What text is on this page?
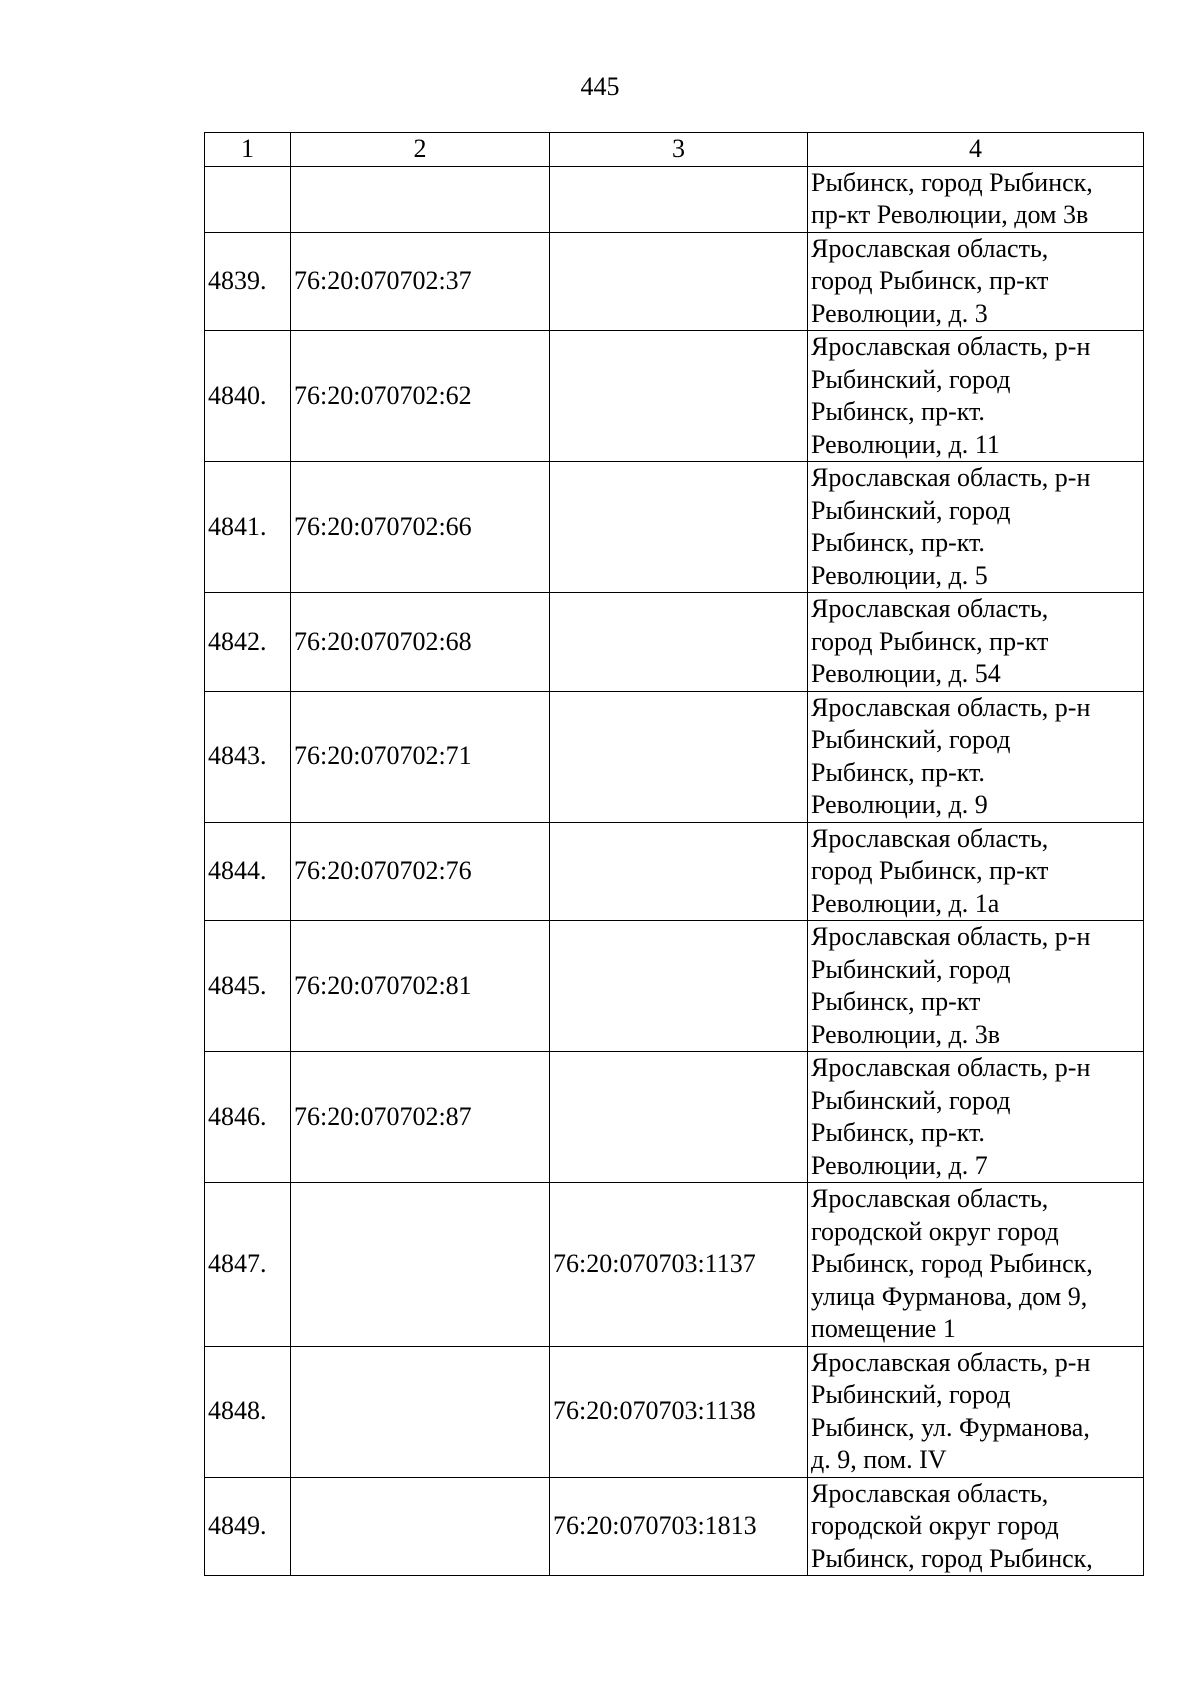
445
1	2	3	4
			Рыбинск, город Рыбинск,
пр-кт Революции, дом 3в
4839.	76:20:070702:37		Ярославская область,
город Рыбинск, пр-кт
Революции, д. 3
4840.	76:20:070702:62		Ярославская область, р-н
Рыбинский, город
Рыбинск, пр-кт.
Революции, д. 11
4841.	76:20:070702:66		Ярославская область, р-н
Рыбинский, город
Рыбинск, пр-кт.
Революции, д. 5
4842.	76:20:070702:68		Ярославская область,
город Рыбинск, пр-кт
Революции, д. 54
4843.	76:20:070702:71		Ярославская область, р-н
Рыбинский, город
Рыбинск, пр-кт.
Революции, д. 9
4844.	76:20:070702:76		Ярославская область,
город Рыбинск, пр-кт
Революции, д. 1а
4845.	76:20:070702:81		Ярославская область, р-н
Рыбинский, город
Рыбинск, пр-кт
Революции, д. 3в
4846.	76:20:070702:87		Ярославская область, р-н
Рыбинский, город
Рыбинск, пр-кт.
Революции, д. 7
4847.		76:20:070703:1137	Ярославская область,
городской округ город
Рыбинск, город Рыбинск,
улица Фурманова, дом 9,
помещение 1
4848.		76:20:070703:1138	Ярославская область, р-н
Рыбинский, город
Рыбинск, ул. Фурманова,
д. 9, пом. IV
4849.		76:20:070703:1813	Ярославская область,
городской округ город
Рыбинск, город Рыбинск,
